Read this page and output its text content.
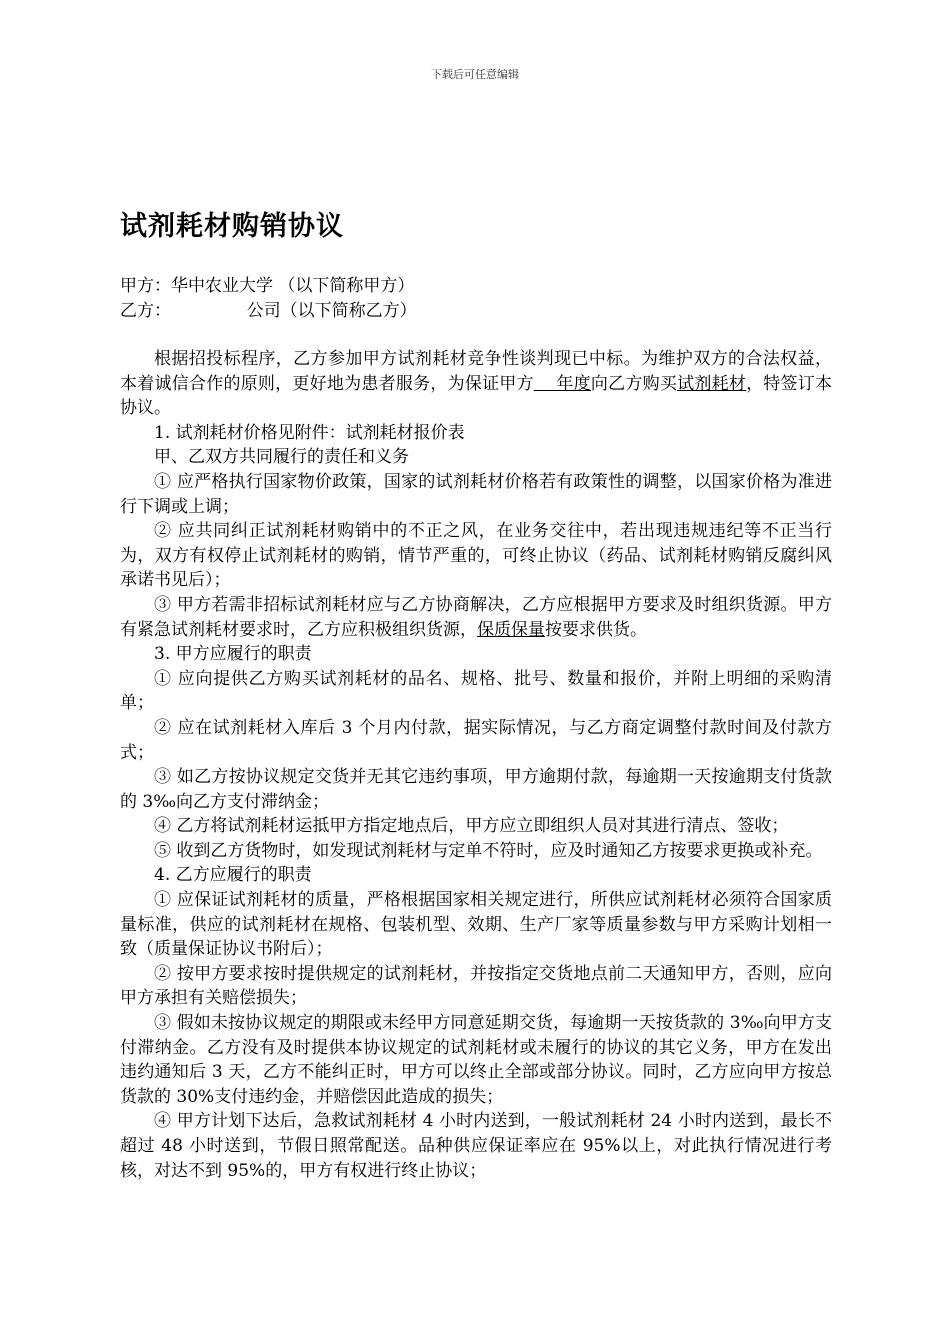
下载后可任意编辑
试剂耗材购销协议
甲方：华中农业大学 （以下简称甲方）
乙方：              公司（以下简称乙方）

根据招投标程序，乙方参加甲方试剂耗材竞争性谈判现已中标。为维护双方的合法权益，本着诚信合作的原则，更好地为患者服务，为保证甲方    年度向乙方购买试剂耗材，特签订本协议。

1. 试剂耗材价格见附件：试剂耗材报价表

甲、乙双方共同履行的责任和义务

① 应严格执行国家物价政策，国家的试剂耗材价格若有政策性的调整，以国家价格为准进行下调或上调；

② 应共同纠正试剂耗材购销中的不正之风，在业务交往中，若出现违规违纪等不正当行为，双方有权停止试剂耗材的购销，情节严重的，可终止协议（药品、试剂耗材购销反腐纠风承诺书见后）；

③ 甲方若需非招标试剂耗材应与乙方协商解决，乙方应根据甲方要求及时组织货源。甲方有紧急试剂耗材要求时，乙方应积极组织货源，保质保量按要求供货。

3. 甲方应履行的职责

① 应向提供乙方购买试剂耗材的品名、规格、批号、数量和报价，并附上明细的采购清单；

② 应在试剂耗材入库后 3 个月内付款，据实际情况，与乙方商定调整付款时间及付款方式；

③ 如乙方按协议规定交货并无其它违约事项，甲方逾期付款，每逾期一天按逾期支付货款的 3‰向乙方支付滞纳金；

④ 乙方将试剂耗材运抵甲方指定地点后，甲方应立即组织人员对其进行清点、签收；

⑤ 收到乙方货物时，如发现试剂耗材与定单不符时，应及时通知乙方按要求更换或补充。

4. 乙方应履行的职责

① 应保证试剂耗材的质量，严格根据国家相关规定进行，所供应试剂耗材必须符合国家质量标准，供应的试剂耗材在规格、包装机型、效期、生产厂家等质量参数与甲方采购计划相一致（质量保证协议书附后）；

② 按甲方要求按时提供规定的试剂耗材，并按指定交货地点前二天通知甲方，否则，应向甲方承担有关赔偿损失；

③ 假如未按协议规定的期限或未经甲方同意延期交货，每逾期一天按货款的 3‰向甲方支付滞纳金。乙方没有及时提供本协议规定的试剂耗材或未履行的协议的其它义务，甲方在发出违约通知后 3 天，乙方不能纠正时，甲方可以终止全部或部分协议。同时，乙方应向甲方按总货款的 30%支付违约金，并赔偿因此造成的损失；

④ 甲方计划下达后，急救试剂耗材 4 小时内送到，一般试剂耗材 24 小时内送到，最长不超过 48 小时送到，节假日照常配送。品种供应保证率应在 95%以上，对此执行情况进行考核，对达不到 95%的，甲方有权进行终止协议；
